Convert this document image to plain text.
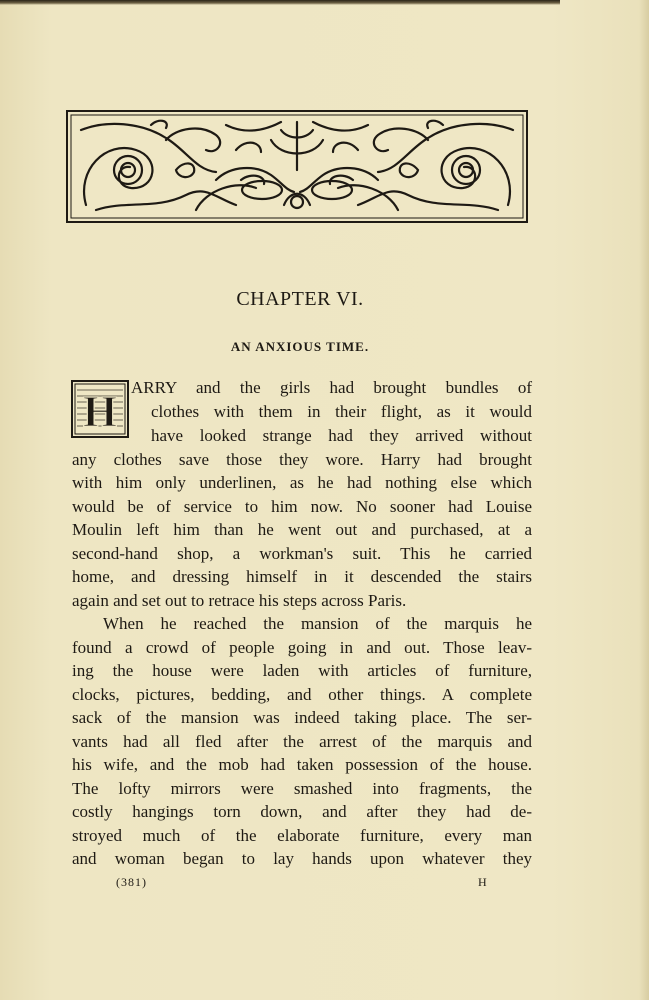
CHAPTER VI.
AN ANXIOUS TIME.
H ARRY and the girls had brought bundles of
clothes with them in their flight, as it would
have looked strange had they arrived without
any clothes save those they wore. Harry had brought
with him only underlinen, as he had nothing else which
would be of service to him now. No sooner had Louise
Moulin left him than he went out and purchased, at a
second-hand shop, a workman's suit. This he carried
home, and dressing himself in it descended the stairs
again and set out to retrace his steps across Paris.
When he reached the mansion of the marquis he
found a crowd of people going in and out. Those leav-
ing the house were laden with articles of furniture,
clocks, pictures, bedding, and other things. A complete
sack of the mansion was indeed taking place. The ser-
vants had all fled after the arrest of the marquis and
his wife, and the mob had taken possession of the house.
The lofty mirrors were smashed into fragments, the
costly hangings torn down, and after they had de-
stroyed much of the elaborate furniture, every man
and woman began to lay hands upon whatever they
(381)	H
